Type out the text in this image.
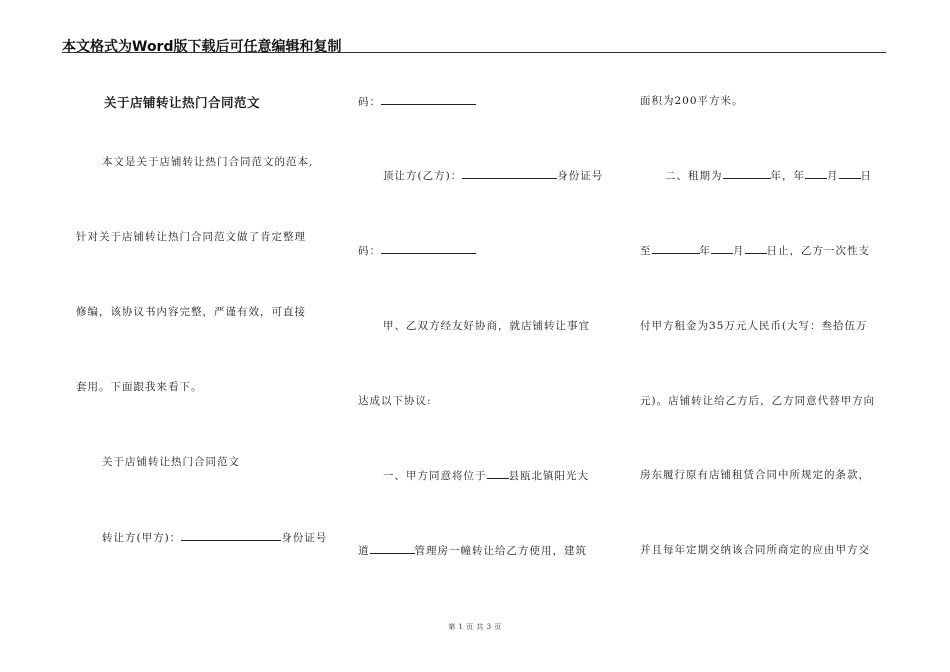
本文格式为Word版下载后可任意编辑和复制
关于店铺转让热门合同范文
本文是关于店铺转让热门合同范文的范本,
针对关于店铺转让热门合同范文做了肯定整理
修编，该协议书内容完整，严谨有效，可直接
套用。下面跟我来看下。
关于店铺转让热门合同范文
转让方(甲方)：	身份证号
码：
顶让方(乙方)：	身份证号
码：
甲、乙双方经友好协商，就店铺转让事宜
达成以下协议:
一、甲方同意将位于 县瓯北镇阳光大
道	管理房一幢转让给乙方使用，建筑
面积为200平方米。
二、租期为	年，年 月 日
至	年 月 日止，乙方一次性支
付甲方租金为35万元人民币(大写：叁拾伍万
元)。店铺转让给乙方后，乙方同意代替甲方向
房东履行原有店铺租赁合同中所规定的条款，
并且每年定期交纳该合同所商定的应由甲方交
第 1 页 共 3 页
